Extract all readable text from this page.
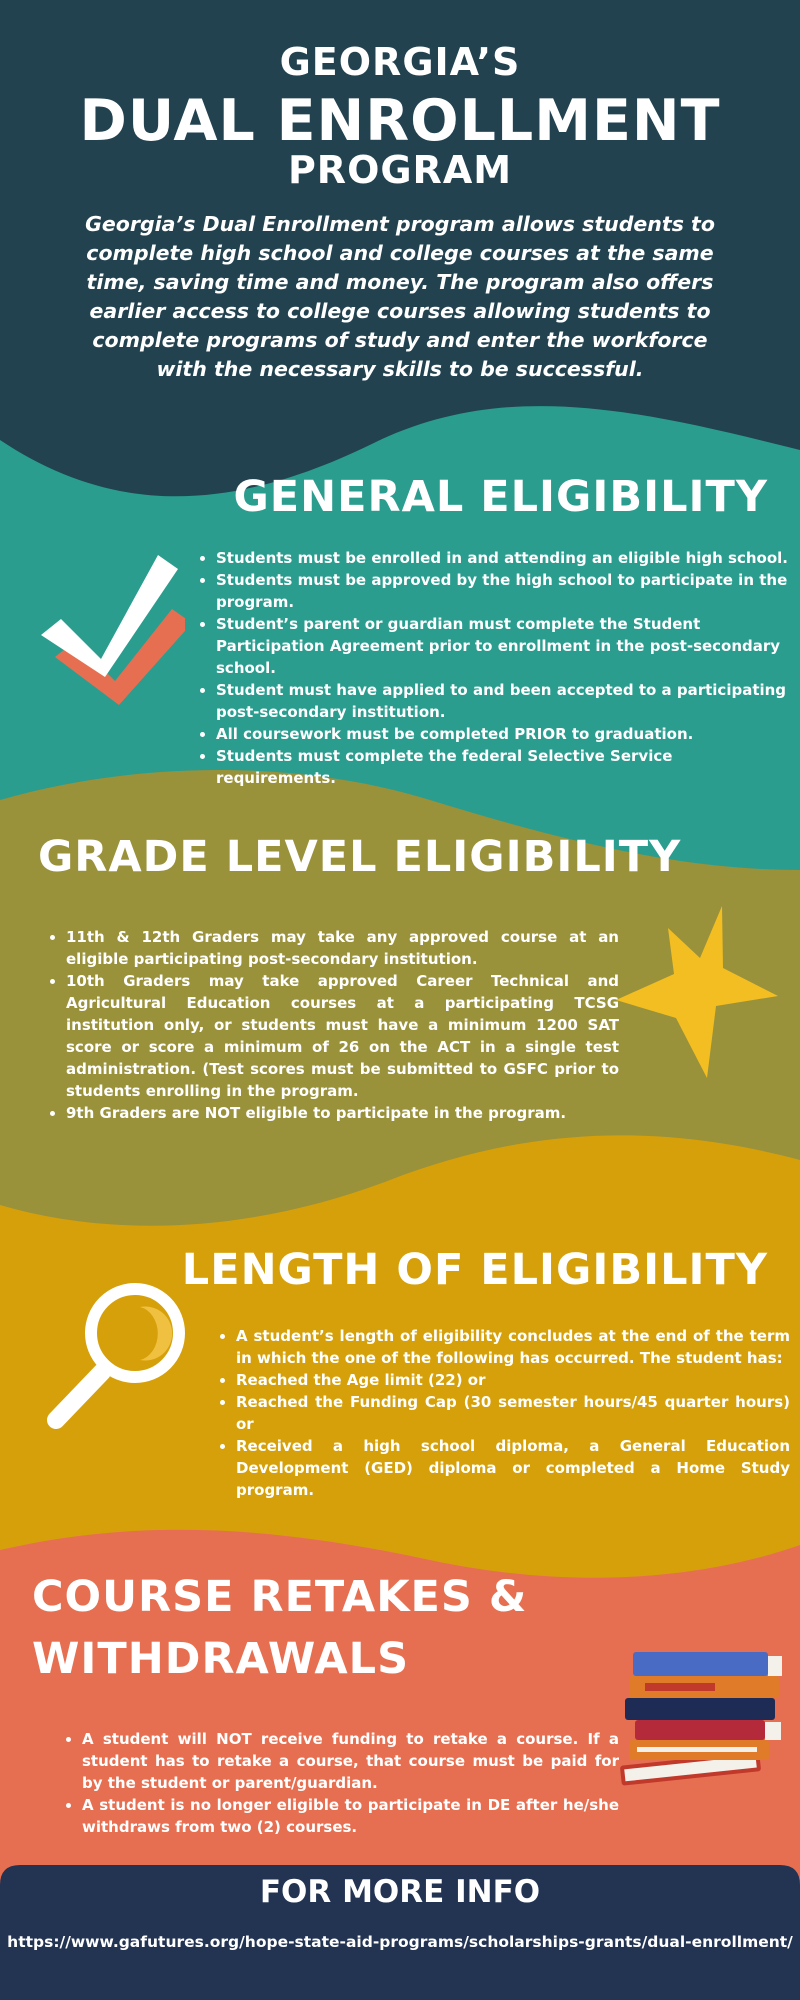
GEORGIA’S
DUAL ENROLLMENT
PROGRAM

Georgia’s Dual Enrollment program allows students to complete high school and college courses at the same time, saving time and money. The program also offers earlier access to college courses allowing students to complete programs of study and enter the workforce with the necessary skills to be successful.

GENERAL ELIGIBILITY
• Students must be enrolled in and attending an eligible high school.
• Students must be approved by the high school to participate in the program.
• Student’s parent or guardian must complete the Student Participation Agreement prior to enrollment in the post-secondary school.
• Student must have applied to and been accepted to a participating post-secondary institution.
• All coursework must be completed PRIOR to graduation.
• Students must complete the federal Selective Service requirements.
GRADE LEVEL ELIGIBILITY
• 11th & 12th Graders may take any approved course at an eligible participating post-secondary institution.
• 10th Graders may take approved Career Technical and Agricultural Education courses at a participating TCSG institution only, or students must have a minimum 1200 SAT score or score a minimum of 26 on the ACT in a single test administration. (Test scores must be submitted to GSFC prior to students enrolling in the program.
• 9th Graders are NOT eligible to participate in the program.
LENGTH OF ELIGIBILITY
• A student’s length of eligibility concludes at the end of the term in which the one of the following has occurred. The student has:
• Reached the Age limit (22) or
• Reached the Funding Cap (30 semester hours/45 quarter hours) or
• Received a high school diploma, a General Education Development (GED) diploma or completed a Home Study program.
COURSE RETAKES &
WITHDRAWALS
• A student will NOT receive funding to retake a course. If a student has to retake a course, that course must be paid for by the student or parent/guardian.
• A student is no longer eligible to participate in DE after he/she withdraws from two (2) courses.
FOR MORE INFO
https://www.gafutures.org/hope-state-aid-programs/scholarships-grants/dual-enrollment/
